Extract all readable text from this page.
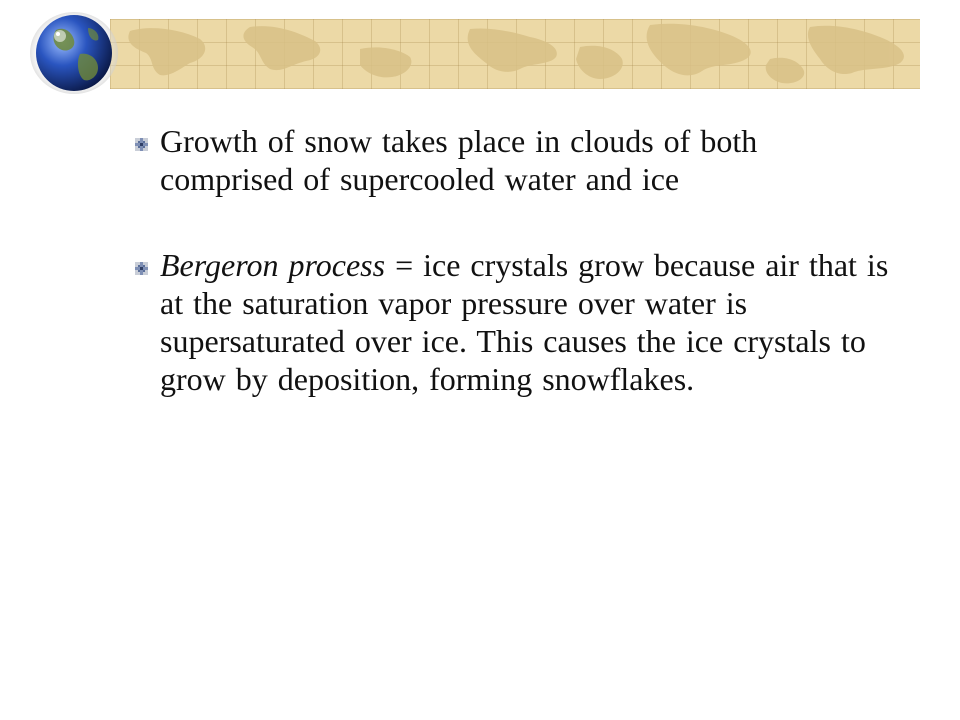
Growth of snow takes place in clouds of both comprised of supercooled water and ice
Bergeron process = ice crystals grow because air that is at the saturation vapor pressure over water is supersaturated over ice. This causes the ice crystals to grow by deposition, forming snowflakes.
